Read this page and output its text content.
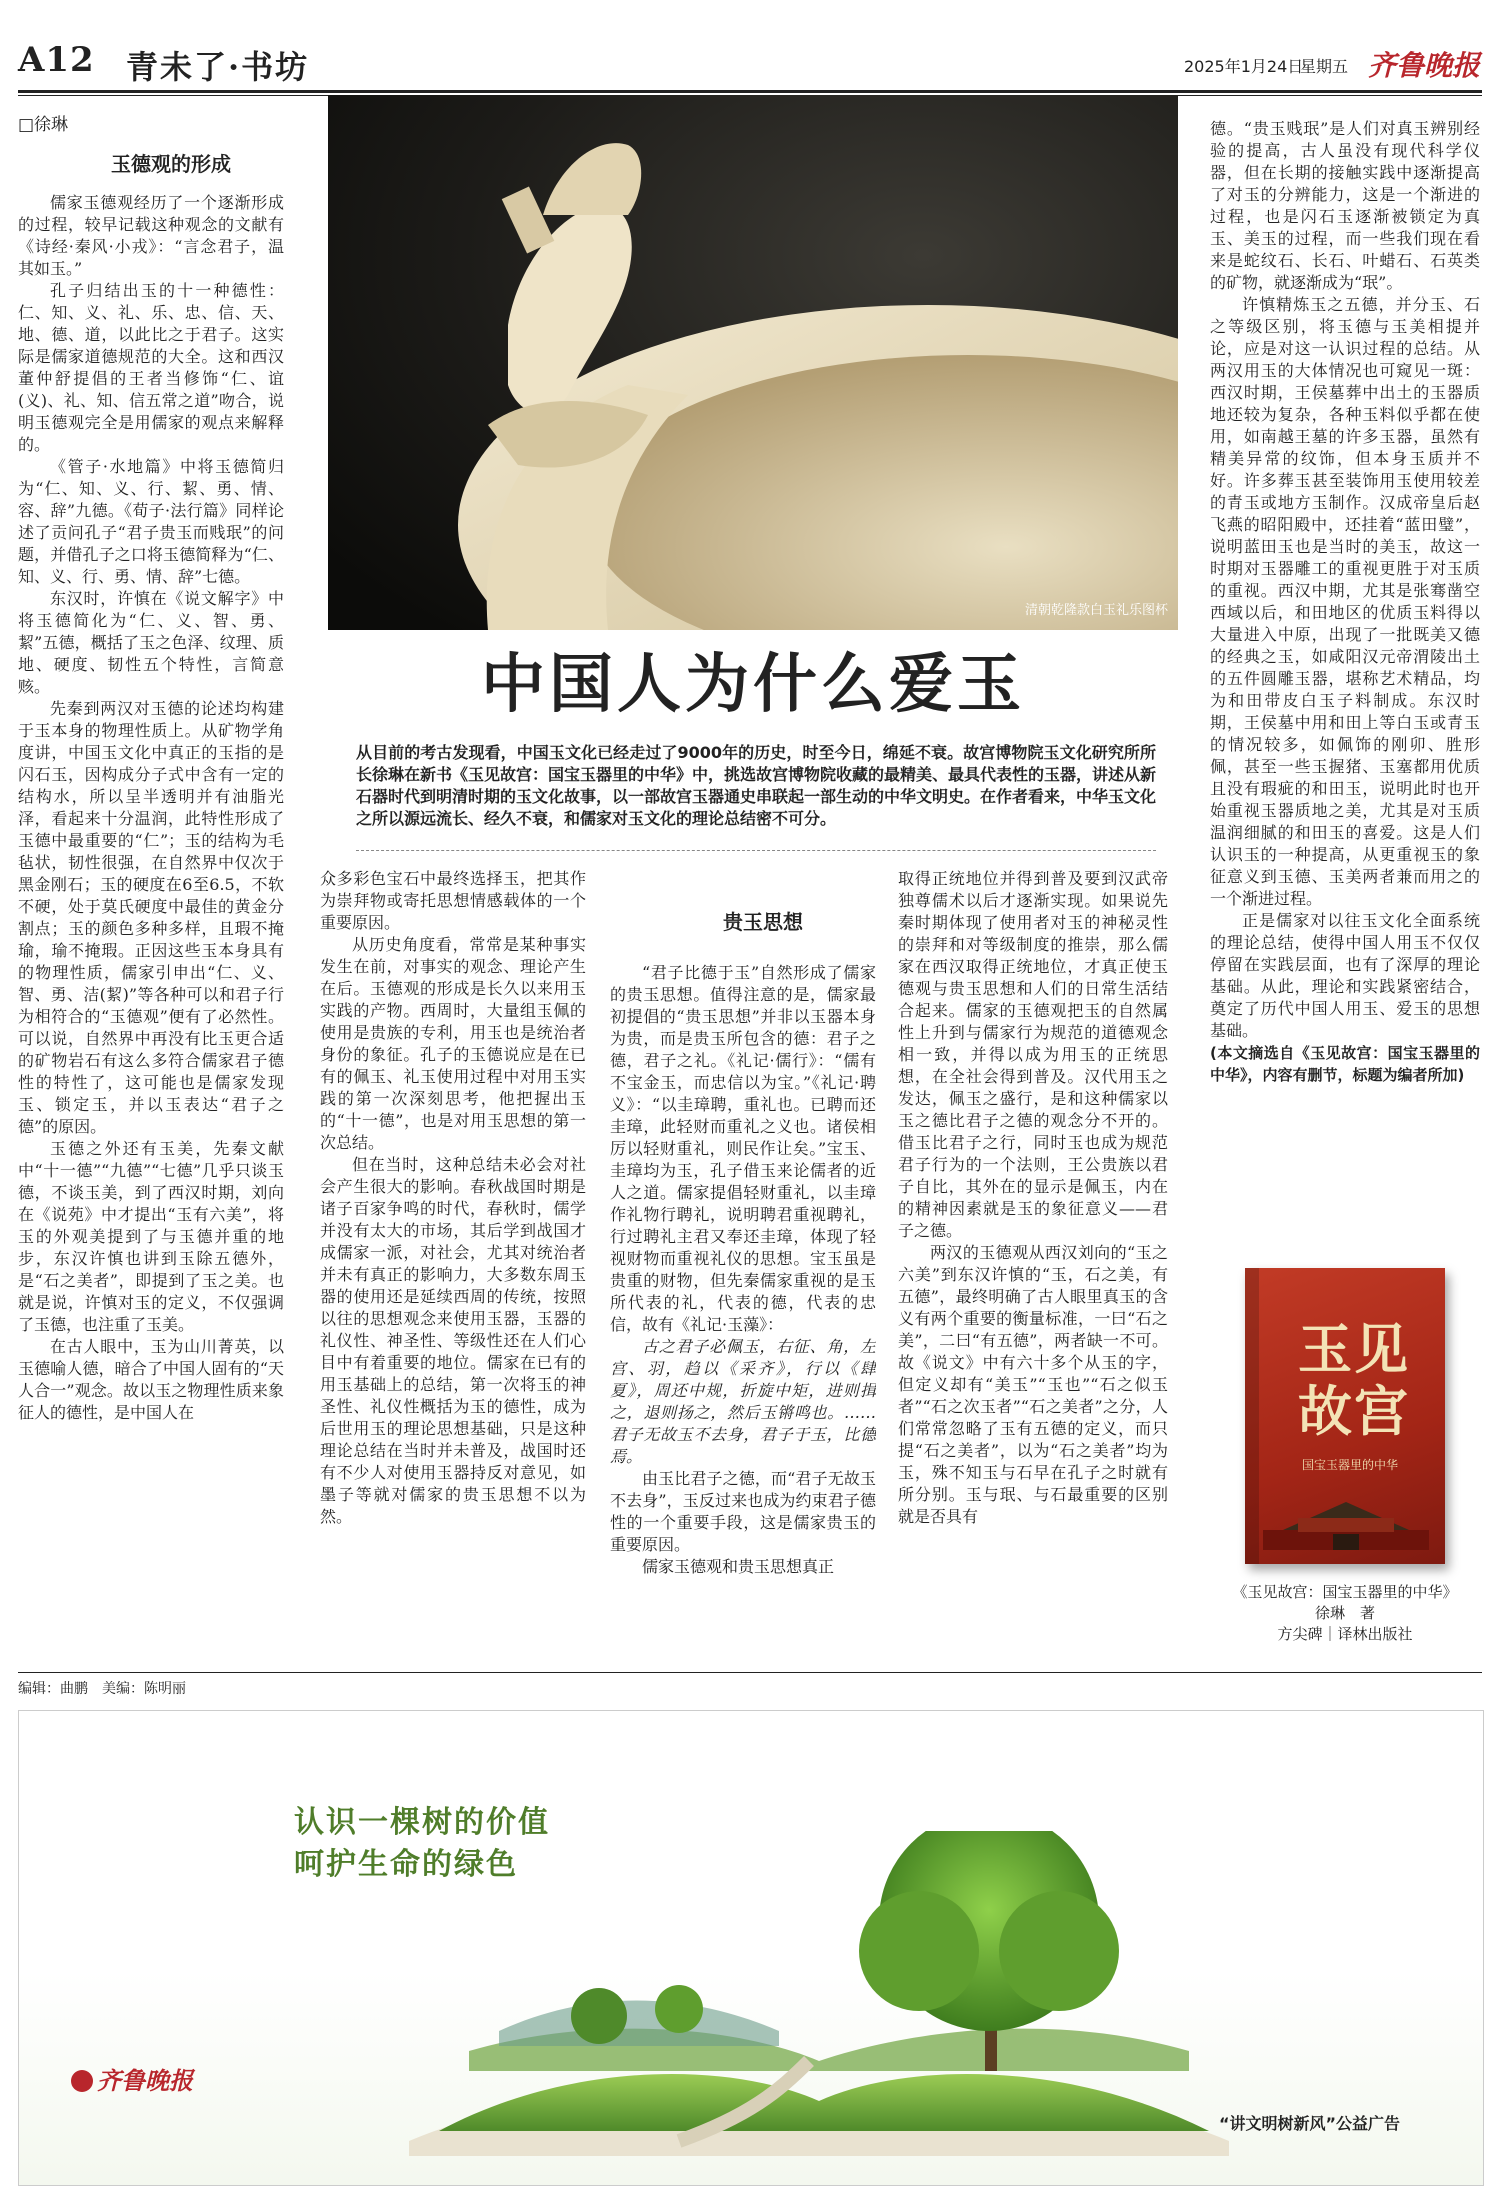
A12 青未了·书坊	2025年1月24日
星期五 齐鲁晚报
□徐琳

玉德观的形成

儒家玉德观经历了一个逐渐形成的过程，较早记载这种观念的文献有《诗经·秦风·小戎》：“言念君子，温其如玉。”

孔子归结出玉的十一种德性：仁、知、义、礼、乐、忠、信、天、地、德、道，以此比之于君子。这实际是儒家道德规范的大全。这和西汉董仲舒提倡的王者当修饰“仁、谊(义)、礼、知、信五常之道”吻合，说明玉德观完全是用儒家的观点来解释的。

《管子·水地篇》中将玉德简归为“仁、知、义、行、絜、勇、情、容、辞”九德。《荀子·法行篇》同样论述了贡问孔子“君子贵玉而贱珉”的问题，并借孔子之口将玉德简释为“仁、知、义、行、勇、情、辞”七德。

东汉时，许慎在《说文解字》中将玉德简化为“仁、义、智、勇、絜”五德，概括了玉之色泽、纹理、质地、硬度、韧性五个特性，言简意赅。

先秦到两汉对玉德的论述均构建于玉本身的物理性质上。从矿物学角度讲，中国玉文化中真正的玉指的是闪石玉，因构成分子式中含有一定的结构水，所以呈半透明并有油脂光泽，看起来十分温润，此特性形成了玉德中最重要的“仁”；玉的结构为毛毡状，韧性很强，在自然界中仅次于黑金刚石；玉的硬度在6至6.5，不软不硬，处于莫氏硬度中最佳的黄金分割点；玉的颜色多种多样，且瑕不掩瑜，瑜不掩瑕。正因这些玉本身具有的物理性质，儒家引申出“仁、义、智、勇、洁(絜)”等各种可以和君子行为相符合的“玉德观”便有了必然性。可以说，自然界中再没有比玉更合适的矿物岩石有这么多符合儒家君子德性的特性了，这可能也是儒家发现玉、锁定玉，并以玉表达“君子之德”的原因。

玉德之外还有玉美，先秦文献中“十一德”“九德”“七德”几乎只谈玉德，不谈玉美，到了西汉时期，刘向在《说苑》中才提出“玉有六美”，将玉的外观美提到了与玉德并重的地步，东汉许慎也讲到玉除五德外，是“石之美者”，即提到了玉之美。也就是说，许慎对玉的定义，不仅强调了玉德，也注重了玉美。

在古人眼中，玉为山川菁英，以玉德喻人德，暗合了中国人固有的“天人合一”观念。故以玉之物理性质来象征人的德性，是中国人在

清朝乾隆款白玉礼乐图杯
中国人为什么爱玉
从目前的考古发现看，中国玉文化已经走过了9000年的历史，时至今日，绵延不衰。故宫博物院玉文化研究所所长徐琳在新书《玉见故宫：国宝玉器里的中华》中，挑选故宫博物院收藏的最精美、最具代表性的玉器，讲述从新石器时代到明清时期的玉文化故事，以一部故宫玉器通史串联起一部生动的中华文明史。在作者看来，中华玉文化之所以源远流长、经久不衰，和儒家对玉文化的理论总结密不可分。

众多彩色宝石中最终选择玉，把其作为崇拜物或寄托思想情感载体的一个重要原因。

从历史角度看，常常是某种事实发生在前，对事实的观念、理论产生在后。玉德观的形成是长久以来用玉实践的产物。西周时，大量组玉佩的使用是贵族的专利，用玉也是统治者身份的象征。孔子的玉德说应是在已有的佩玉、礼玉使用过程中对用玉实践的第一次深刻思考，他把握出玉的“十一德”，也是对用玉思想的第一次总结。

但在当时，这种总结未必会对社会产生很大的影响。春秋战国时期是诸子百家争鸣的时代，春秋时，儒学并没有太大的市场，其后学到战国才成儒家一派，对社会，尤其对统治者并未有真正的影响力，大多数东周玉器的使用还是延续西周的传统，按照以往的思想观念来使用玉器，玉器的礼仪性、神圣性、等级性还在人们心目中有着重要的地位。儒家在已有的用玉基础上的总结，第一次将玉的神圣性、礼仪性概括为玉的德性，成为后世用玉的理论思想基础，只是这种理论总结在当时并未普及，战国时还有不少人对使用玉器持反对意见，如墨子等就对儒家的贵玉思想不以为然。

贵玉思想

“君子比德于玉”自然形成了儒家的贵玉思想。值得注意的是，儒家最初提倡的“贵玉思想”并非以玉器本身为贵，而是贵玉所包含的德：君子之德，君子之礼。《礼记·儒行》：“儒有不宝金玉，而忠信以为宝。”《礼记·聘义》：“以圭璋聘，重礼也。已聘而还圭璋，此轻财而重礼之义也。诸侯相厉以轻财重礼，则民作让矣。”宝玉、圭璋均为玉，孔子借玉来论儒者的近人之道。儒家提倡轻财重礼，以圭璋作礼物行聘礼，说明聘君重视聘礼，行过聘礼主君又奉还圭璋，体现了轻视财物而重视礼仪的思想。宝玉虽是贵重的财物，但先秦儒家重视的是玉所代表的礼，代表的德，代表的忠信，故有《礼记·玉藻》：

古之君子必佩玉，右征、角，左宫、羽，趋以《采齐》，行以《肆夏》，周还中规，折旋中矩，进则揖之，退则扬之，然后玉锵鸣也。……君子无故玉不去身，君子于玉，比德焉。

由玉比君子之德，而“君子无故玉不去身”，玉反过来也成为约束君子德性的一个重要手段，这是儒家贵玉的重要原因。

儒家玉德观和贵玉思想真正

取得正统地位并得到普及要到汉武帝独尊儒术以后才逐渐实现。如果说先秦时期体现了使用者对玉的神秘灵性的崇拜和对等级制度的推崇，那么儒家在西汉取得正统地位，才真正使玉德观与贵玉思想和人们的日常生活结合起来。儒家的玉德观把玉的自然属性上升到与儒家行为规范的道德观念相一致，并得以成为用玉的正统思想，在全社会得到普及。汉代用玉之发达，佩玉之盛行，是和这种儒家以玉之德比君子之德的观念分不开的。借玉比君子之行，同时玉也成为规范君子行为的一个法则，王公贵族以君子自比，其外在的显示是佩玉，内在的精神因素就是玉的象征意义——君子之德。

两汉的玉德观从西汉刘向的“玉之六美”到东汉许慎的“玉，石之美，有五德”，最终明确了古人眼里真玉的含义有两个重要的衡量标准，一曰“石之美”，二曰“有五德”，两者缺一不可。故《说文》中有六十多个从玉的字，但定义却有“美玉”“玉也”“石之似玉者”“石之次玉者”“石之美者”之分，人们常常忽略了玉有五德的定义，而只提“石之美者”，以为“石之美者”均为玉，殊不知玉与石早在孔子之时就有所分别。玉与珉、与石最重要的区别就是否具有

德。“贵玉贱珉”是人们对真玉辨别经验的提高，古人虽没有现代科学仪器，但在长期的接触实践中逐渐提高了对玉的分辨能力，这是一个渐进的过程，也是闪石玉逐渐被锁定为真玉、美玉的过程，而一些我们现在看来是蛇纹石、长石、叶蜡石、石英类的矿物，就逐渐成为“珉”。

许慎精炼玉之五德，并分玉、石之等级区别，将玉德与玉美相提并论，应是对这一认识过程的总结。从两汉用玉的大体情况也可窥见一斑：西汉时期，王侯墓葬中出土的玉器质地还较为复杂，各种玉料似乎都在使用，如南越王墓的许多玉器，虽然有精美异常的纹饰，但本身玉质并不好。许多葬玉甚至装饰用玉使用较差的青玉或地方玉制作。汉成帝皇后赵飞燕的昭阳殿中，还挂着“蓝田璧”，说明蓝田玉也是当时的美玉，故这一时期对玉器雕工的重视更胜于对玉质的重视。西汉中期，尤其是张骞凿空西域以后，和田地区的优质玉料得以大量进入中原，出现了一批既美又德的经典之玉，如咸阳汉元帝渭陵出土的五件圆雕玉器，堪称艺术精品，均为和田带皮白玉子料制成。东汉时期，王侯墓中用和田上等白玉或青玉的情况较多，如佩饰的刚卯、胜形佩，甚至一些玉握猪、玉塞都用优质且没有瑕疵的和田玉，说明此时也开始重视玉器质地之美，尤其是对玉质温润细腻的和田玉的喜爱。这是人们认识玉的一种提高，从更重视玉的象征意义到玉德、玉美两者兼而用之的一个渐进过程。

正是儒家对以往玉文化全面系统的理论总结，使得中国人用玉不仅仅停留在实践层面，也有了深厚的理论基础。从此，理论和实践紧密结合，奠定了历代中国人用玉、爱玉的思想基础。

(本文摘选自《玉见故宫：国宝玉器里的中华》，内容有删节，标题为编者所加)

玉见故宫
国宝玉器里的中华
《玉见故宫：国宝玉器里的中华》
徐琳　著
方尖碑｜译林出版社
编辑：曲鹏　美编：陈明丽
认识一棵树的价值
呵护生命的绿色
齐鲁晚报
“讲文明树新风”公益广告
